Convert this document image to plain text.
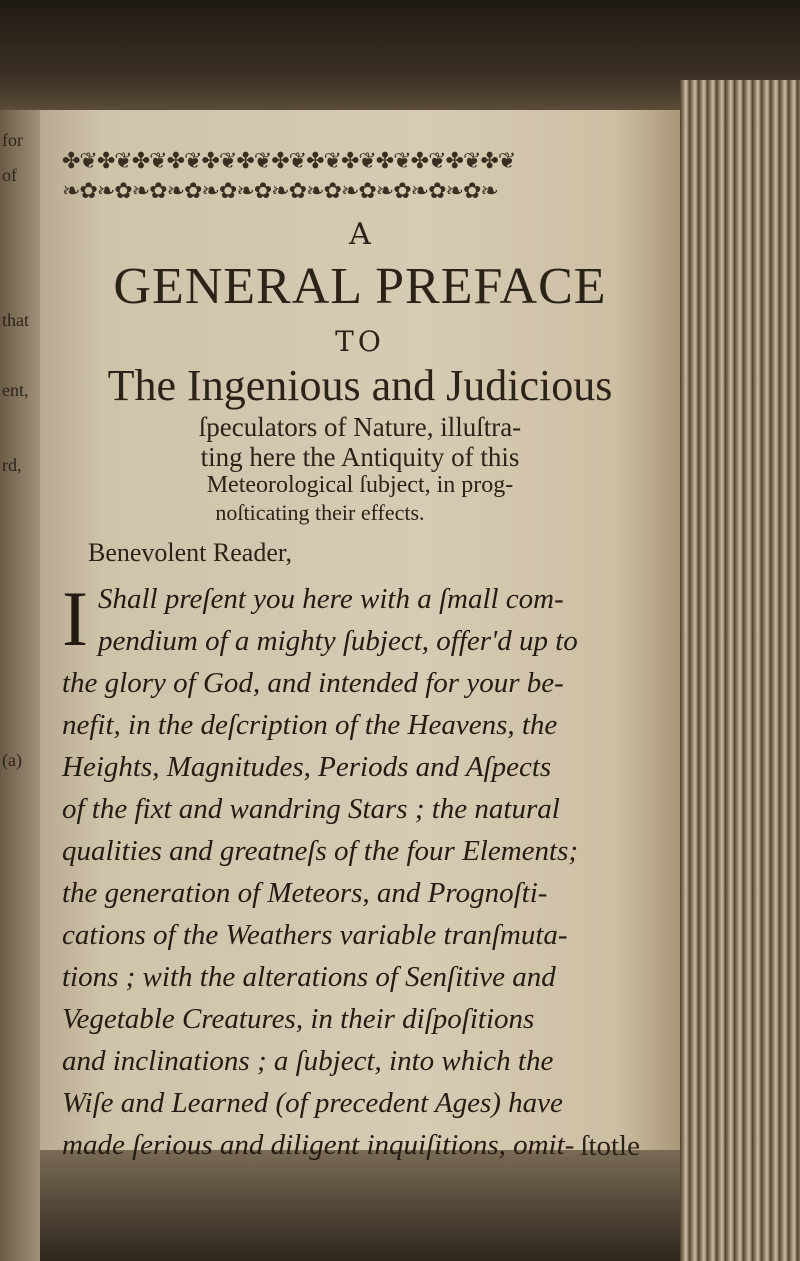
for
of
that
ent,
rd,
(a)
✤❦✤❦✤❦✤❦✤❦✤❦✤❦✤❦✤❦✤❦✤❦✤❦✤❦
❧✿❧✿❧✿❧✿❧✿❧✿❧✿❧✿❧✿❧✿❧✿❧✿❧
A
GENERAL PREFACE
TO
The Ingenious and Judicious
ſpeculators of Nature, illuſtra-
ting here the Antiquity of this
Meteorological ſubject, in prog-
noſticating their effects.
Benevolent Reader,
I Shall preſent you here with a ſmall com-
pendium of a mighty ſubject, offer'd up to
the glory of God, and intended for your be-
nefit, in the deſcription of the Heavens, the
Heights, Magnitudes, Periods and Aſpects
of the fixt and wandring Stars ; the natural
qualities and greatneſs of the four Elements;
the generation of Meteors, and Prognoſti-
cations of the Weathers variable tranſmuta-
tions ; with the alterations of Senſitive and
Vegetable Creatures, in their diſpoſitions
and inclinations ; a ſubject, into which the
Wiſe and Learned (of precedent Ages) have
made ſerious and diligent inquiſitions, omit- ſtotle
